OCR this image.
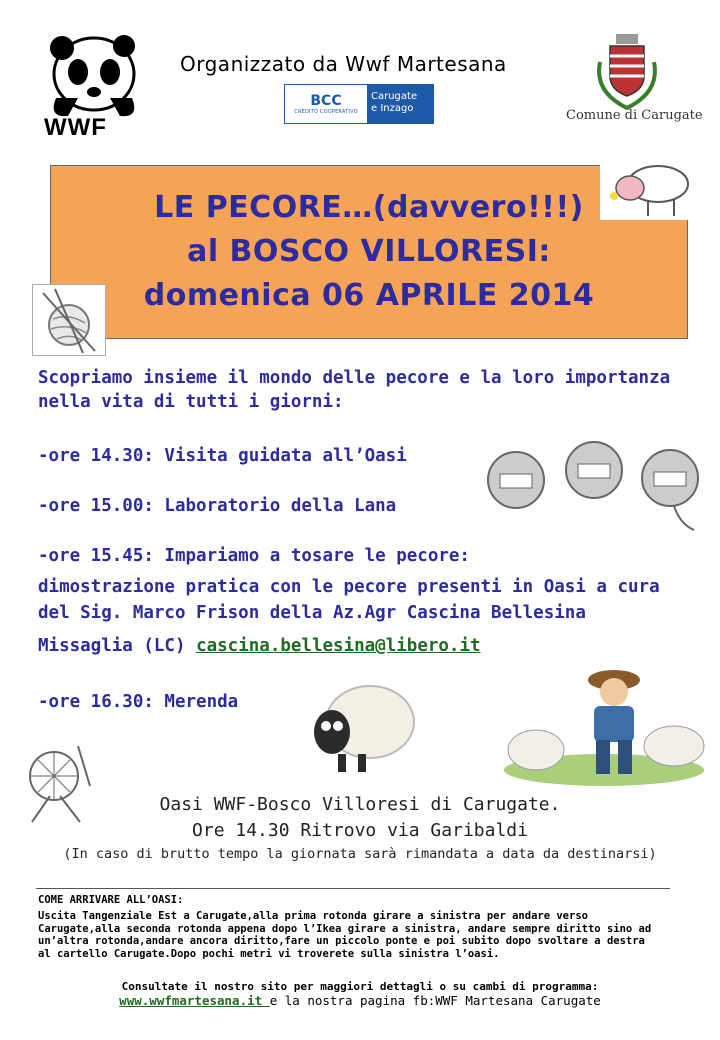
WWF
Organizzato da Wwf Martesana
BCC
CREDITO COOPERATIVO
Carugate
e Inzago	Comune di Carugate
LE PECORE…(davvero!!!)
al BOSCO VILLORESI:
domenica 06 APRILE 2014
Scopriamo insieme il mondo delle pecore e la loro importanza nella vita di tutti i giorni:
-ore 14.30: Visita guidata all’Oasi
-ore 15.00: Laboratorio della Lana
-ore 15.45: Impariamo a tosare le pecore:
dimostrazione pratica con le pecore presenti in Oasi a cura
del Sig. Marco Frison della Az.Agr Cascina Bellesina
Missaglia (LC) cascina.bellesina@libero.it
-ore 16.30: Merenda
Oasi WWF-Bosco Villoresi di Carugate.
Ore 14.30 Ritrovo via Garibaldi
(In caso di brutto tempo la giornata sarà rimandata a data da destinarsi)
COME ARRIVARE ALL’OASI:
Uscita Tangenziale Est a Carugate,alla prima rotonda girare a sinistra per andare verso
Carugate,alla seconda rotonda appena dopo l’Ikea girare a sinistra, andare sempre diritto sino ad
un’altra rotonda,andare ancora diritto,fare un piccolo ponte e poi subito dopo svoltare a destra
al cartello Carugate.Dopo pochi metri vi troverete sulla sinistra l’oasi.
Consultate il nostro sito per maggiori dettagli o su cambi di programma:
www.wwfmartesana.it e la nostra pagina fb:WWF Martesana Carugate
